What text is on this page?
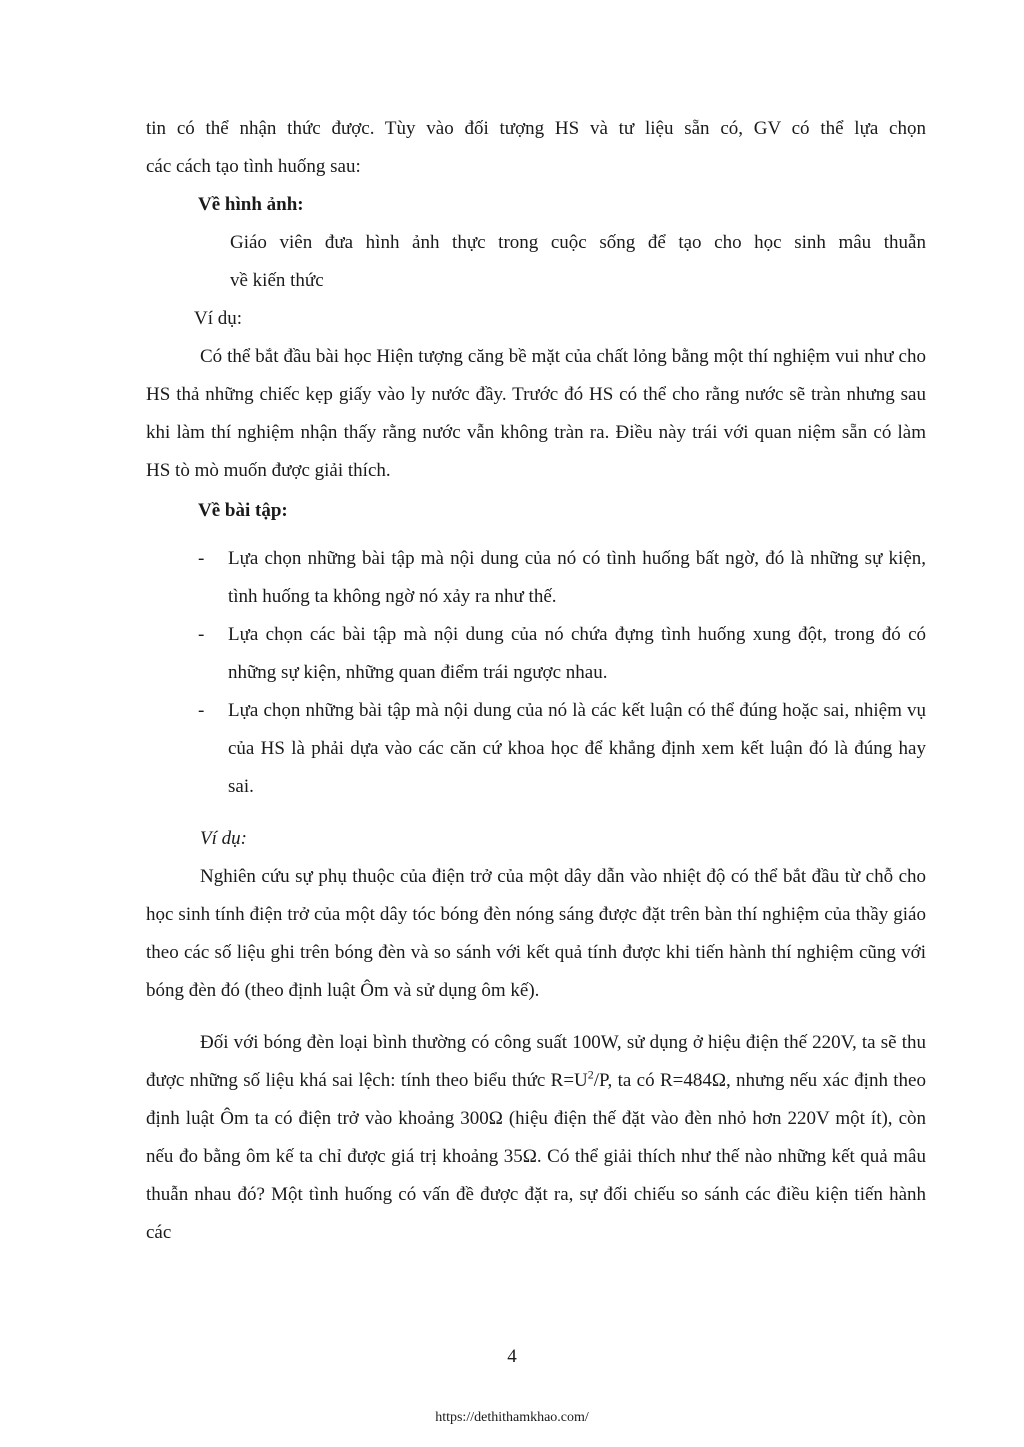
tin có thể nhận thức được. Tùy vào đối tượng HS và tư liệu sẵn có, GV có thể lựa chọn

các cách tạo tình huống sau:

Về hình ảnh:

Giáo viên đưa hình ảnh thực trong cuộc sống để tạo cho học sinh mâu thuẫn

về kiến thức

Ví dụ:

Có thể bắt đầu bài học Hiện tượng căng bề mặt của chất lỏng bằng một thí nghiệm vui như cho HS thả những chiếc kẹp giấy vào ly nước đầy. Trước đó HS có thể cho rằng nước sẽ tràn nhưng sau khi làm thí nghiệm nhận thấy rằng nước vẫn không tràn ra. Điều này trái với quan niệm sẵn có làm HS tò mò muốn được giải thích.

Về bài tập:

- Lựa chọn những bài tập mà nội dung của nó có tình huống bất ngờ, đó là những sự kiện, tình huống ta không ngờ nó xảy ra như thế.
- Lựa chọn các bài tập mà nội dung của nó chứa đựng tình huống xung đột, trong đó có những sự kiện, những quan điểm trái ngược nhau.
- Lựa chọn những bài tập mà nội dung của nó là các kết luận có thể đúng hoặc sai, nhiệm vụ của HS là phải dựa vào các căn cứ khoa học để khẳng định xem kết luận đó là đúng hay sai.
Ví dụ:

Nghiên cứu sự phụ thuộc của điện trở của một dây dẫn vào nhiệt độ có thể bắt đầu từ chỗ cho học sinh tính điện trở của một dây tóc bóng đèn nóng sáng được đặt trên bàn thí nghiệm của thầy giáo theo các số liệu ghi trên bóng đèn và so sánh với kết quả tính được khi tiến hành thí nghiệm cũng với bóng đèn đó (theo định luật Ôm và sử dụng ôm kế).

Đối với bóng đèn loại bình thường có công suất 100W, sử dụng ở hiệu điện thế 220V, ta sẽ thu được những số liệu khá sai lệch: tính theo biểu thức $R=U^2/P$, ta có R=484Ω, nhưng nếu xác định theo định luật Ôm ta có điện trở vào khoảng 300Ω (hiệu điện thế đặt vào đèn nhỏ hơn 220V một ít), còn nếu đo bằng ôm kế ta chỉ được giá trị khoảng 35Ω. Có thể giải thích như thế nào những kết quả mâu thuẫn nhau đó? Một tình huống có vấn đề được đặt ra, sự đối chiếu so sánh các điều kiện tiến hành các

4
https://dethithamkhao.com/
